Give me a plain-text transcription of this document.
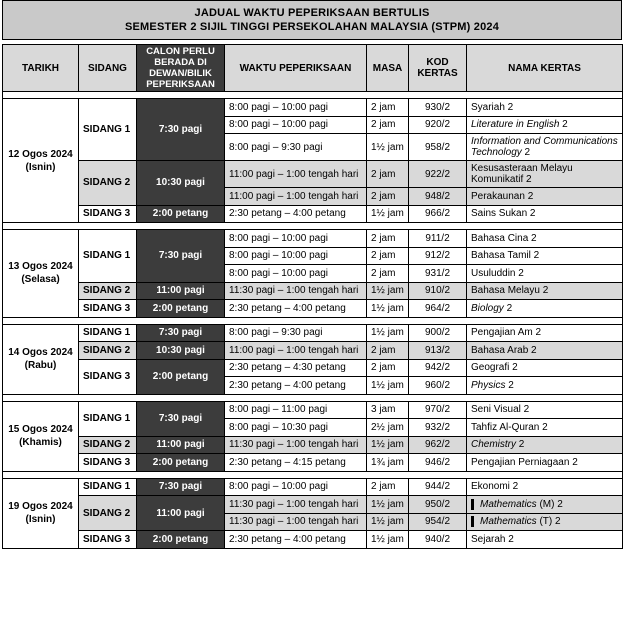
JADUAL WAKTU PEPERIKSAAN BERTULIS
SEMESTER 2 SIJIL TINGGI PERSEKOLAHAN MALAYSIA (STPM) 2024
TARIKH	SIDANG	CALON PERLU BERADA DI DEWAN/BILIK PEPERIKSAAN	WAKTU PEPERIKSAAN	MASA	KOD KERTAS	NAMA KERTAS

12 Ogos 2024
(Isnin)	SIDANG 1	7:30 pagi	8:00 pagi – 10:00 pagi	2 jam	930/2	Syariah 2
			8:00 pagi – 10:00 pagi	2 jam	920/2	Literature in English 2
			8:00 pagi – 9:30 pagi	1½ jam	958/2	Information and Communications Technology 2
	SIDANG 2	10:30 pagi	11:00 pagi – 1:00 tengah hari	2 jam	922/2	Kesusasteraan Melayu Komunikatif 2
			11:00 pagi – 1:00 tengah hari	2 jam	948/2	Perakaunan 2
	SIDANG 3	2:00 petang	2:30 petang – 4:00 petang	1½ jam	966/2	Sains Sukan 2

13 Ogos 2024
(Selasa)	SIDANG 1	7:30 pagi	8:00 pagi – 10:00 pagi	2 jam	911/2	Bahasa Cina 2
			8:00 pagi – 10:00 pagi	2 jam	912/2	Bahasa Tamil 2
			8:00 pagi – 10:00 pagi	2 jam	931/2	Usuluddin 2
	SIDANG 2	11:00 pagi	11:30 pagi – 1:00 tengah hari	1½ jam	910/2	Bahasa Melayu 2
	SIDANG 3	2:00 petang	2:30 petang – 4:00 petang	1½ jam	964/2	Biology 2

14 Ogos 2024
(Rabu)	SIDANG 1	7:30 pagi	8:00 pagi – 9:30 pagi	1½ jam	900/2	Pengajian Am 2
	SIDANG 2	10:30 pagi	11:00 pagi – 1:00 tengah hari	2 jam	913/2	Bahasa Arab 2
	SIDANG 3	2:00 petang	2:30 petang – 4:30 petang	2 jam	942/2	Geografi 2
			2:30 petang – 4:00 petang	1½ jam	960/2	Physics 2

15 Ogos 2024
(Khamis)	SIDANG 1	7:30 pagi	8:00 pagi – 11:00 pagi	3 jam	970/2	Seni Visual 2
			8:00 pagi – 10:30 pagi	2½ jam	932/2	Tahfiz Al-Quran 2
	SIDANG 2	11:00 pagi	11:30 pagi – 1:00 tengah hari	1½ jam	962/2	Chemistry 2
	SIDANG 3	2:00 petang	2:30 petang – 4:15 petang	1¾ jam	946/2	Pengajian Perniagaan 2

19 Ogos 2024
(Isnin)	SIDANG 1	7:30 pagi	8:00 pagi – 10:00 pagi	2 jam	944/2	Ekonomi 2
	SIDANG 2	11:00 pagi	11:30 pagi – 1:00 tengah hari	1½ jam	950/2	Mathematics (M) 2
			11:30 pagi – 1:00 tengah hari	1½ jam	954/2	Mathematics (T) 2
	SIDANG 3	2:00 petang	2:30 petang – 4:00 petang	1½ jam	940/2	Sejarah 2
